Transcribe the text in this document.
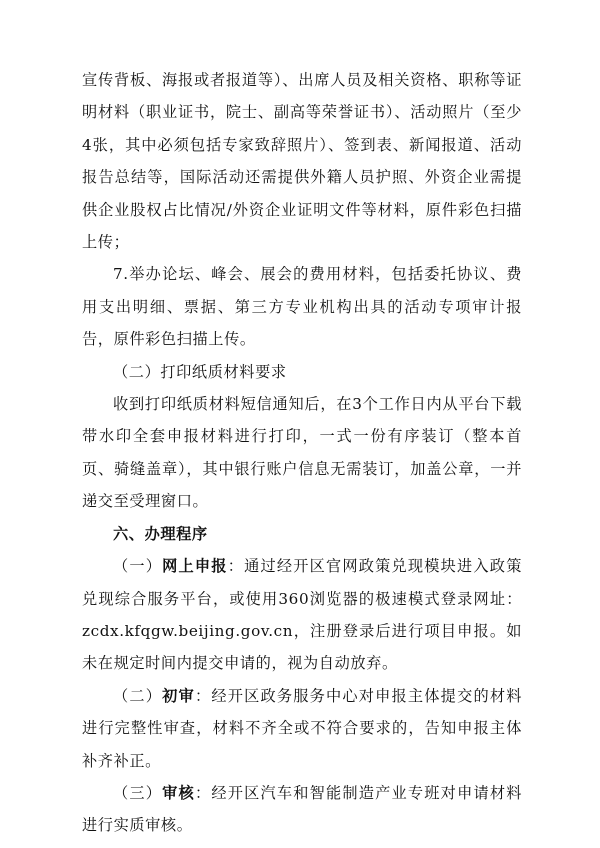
宣传背板、海报或者报道等）、出席人员及相关资格、职称等证明材料（职业证书，院士、副高等荣誉证书）、活动照片（至少4张，其中必须包括专家致辞照片）、签到表、新闻报道、活动报告总结等，国际活动还需提供外籍人员护照、外资企业需提供企业股权占比情况/外资企业证明文件等材料，原件彩色扫描上传；

7.举办论坛、峰会、展会的费用材料，包括委托协议、费用支出明细、票据、第三方专业机构出具的活动专项审计报告，原件彩色扫描上传。

（二）打印纸质材料要求

收到打印纸质材料短信通知后，在3个工作日内从平台下载带水印全套申报材料进行打印，一式一份有序装订（整本首页、骑缝盖章），其中银行账户信息无需装订，加盖公章，一并递交至受理窗口。

六、办理程序

（一）网上申报：通过经开区官网政策兑现模块进入政策兑现综合服务平台，或使用360浏览器的极速模式登录网址：zcdx.kfqgw.beijing.gov.cn，注册登录后进行项目申报。如未在规定时间内提交申请的，视为自动放弃。

（二）初审：经开区政务服务中心对申报主体提交的材料进行完整性审查，材料不齐全或不符合要求的，告知申报主体补齐补正。

（三）审核：经开区汽车和智能制造产业专班对申请材料进行实质审核。
